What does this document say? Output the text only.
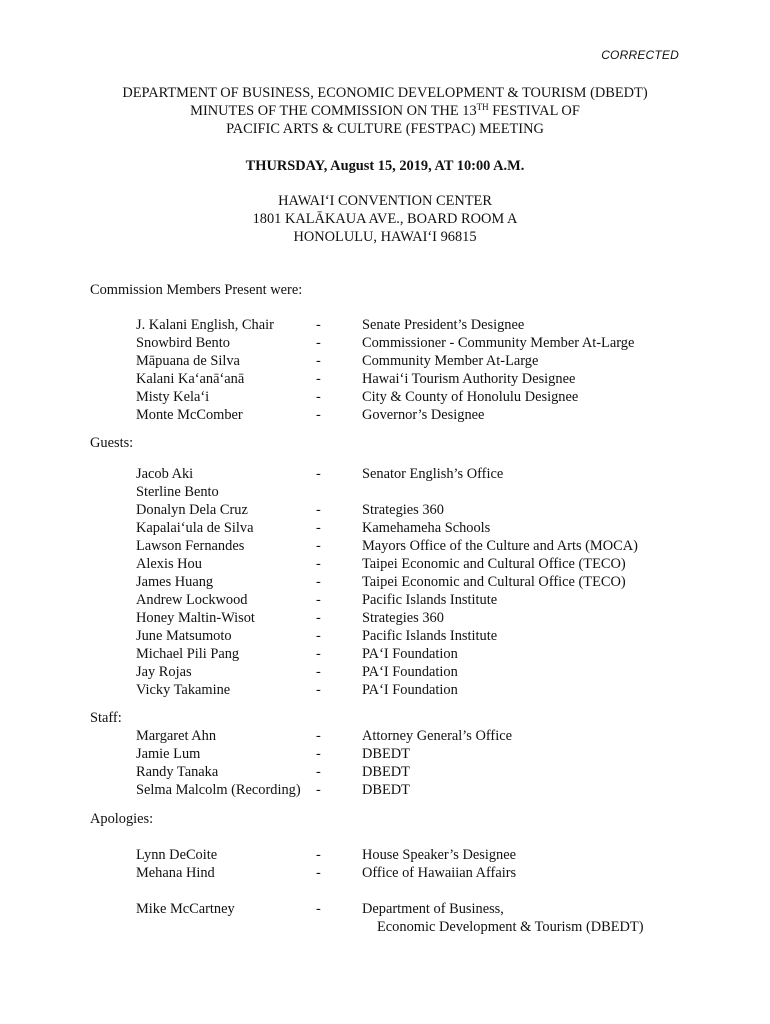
CORRECTED
DEPARTMENT OF BUSINESS, ECONOMIC DEVELOPMENT & TOURISM (DBEDT)
MINUTES OF THE COMMISSION ON THE 13TH FESTIVAL OF
PACIFIC ARTS & CULTURE (FESTPAC) MEETING
THURSDAY, August 15, 2019, AT 10:00 A.M.
HAWAI‘I CONVENTION CENTER
1801 KALĀKAUA AVE., BOARD ROOM A
HONOLULU, HAWAI‘I 96815
Commission Members Present were:
J. Kalani English, Chair	-	Senate President’s Designee
Snowbird Bento	-	Commissioner - Community Member At-Large
Māpuana de Silva	-	Community Member At-Large
Kalani Ka‘anā‘anā	-	Hawai‘i Tourism Authority Designee
Misty Kela‘i	-	City & County of Honolulu Designee
Monte McComber	-	Governor’s Designee
Guests:
Jacob Aki	-	Senator English’s Office
Sterline Bento
Donalyn Dela Cruz	-	Strategies 360
Kapalai‘ula de Silva	-	Kamehameha Schools
Lawson Fernandes	-	Mayors Office of the Culture and Arts (MOCA)
Alexis Hou	-	Taipei Economic and Cultural Office (TECO)
James Huang	-	Taipei Economic and Cultural Office (TECO)
Andrew Lockwood	-	Pacific Islands Institute
Honey Maltin-Wisot	-	Strategies 360
June Matsumoto	-	Pacific Islands Institute
Michael Pili Pang	-	PA‘I Foundation
Jay Rojas	-	PA‘I Foundation
Vicky Takamine	-	PA‘I Foundation
Staff:
Margaret Ahn	-	Attorney General’s Office
Jamie Lum	-	DBEDT
Randy Tanaka	-	DBEDT
Selma Malcolm (Recording) -	DBEDT
Apologies:
Lynn DeCoite	-	House Speaker’s Designee
Mehana Hind	-	Office of Hawaiian Affairs
Mike McCartney	-	Department of Business,
Economic Development & Tourism (DBEDT)
